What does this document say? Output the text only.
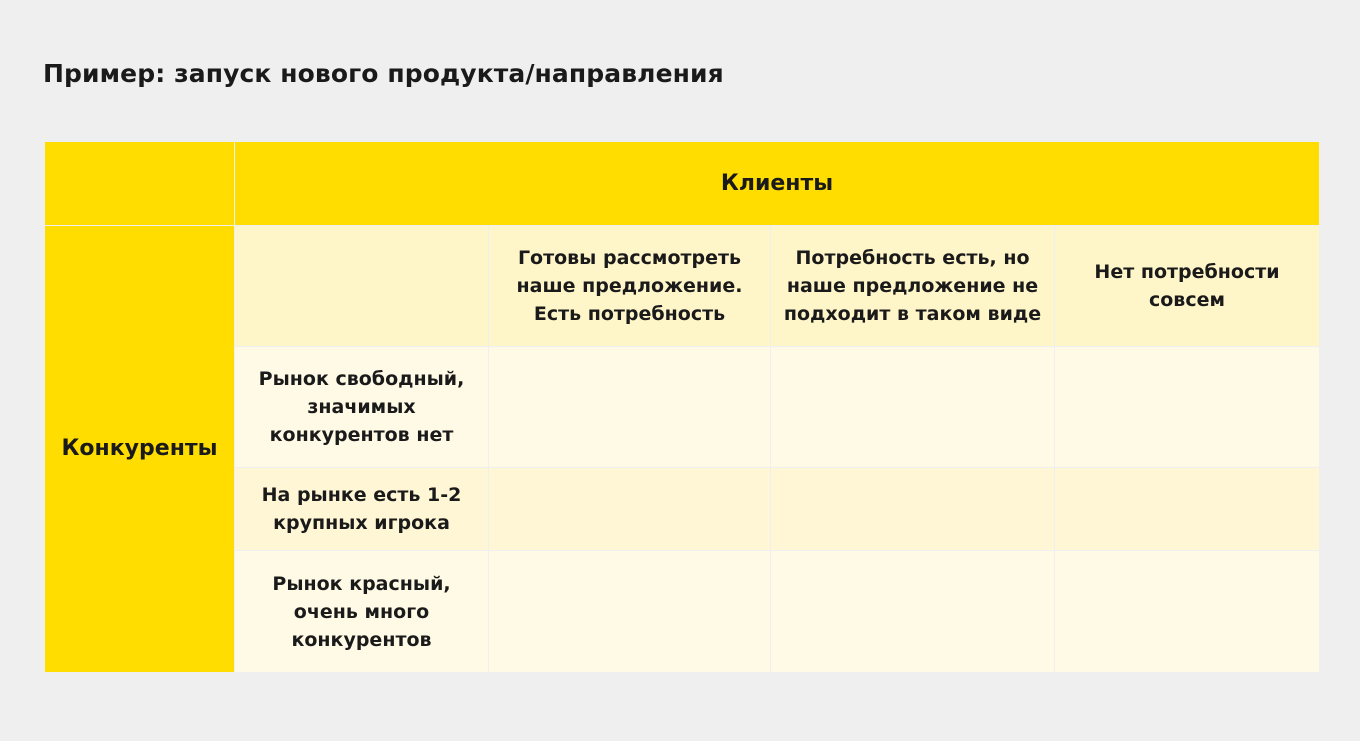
Пример: запуск нового продукта/направления
Клиенты
Конкуренты
Готовы рассмотреть наше предложение. Есть потребность
Потребность есть, но наше предложение не подходит в таком виде
Нет потребности совсем
Рынок свободный, значимых конкурентов нет
На рынке есть 1-2 крупных игрока
Рынок красный, очень много конкурентов
